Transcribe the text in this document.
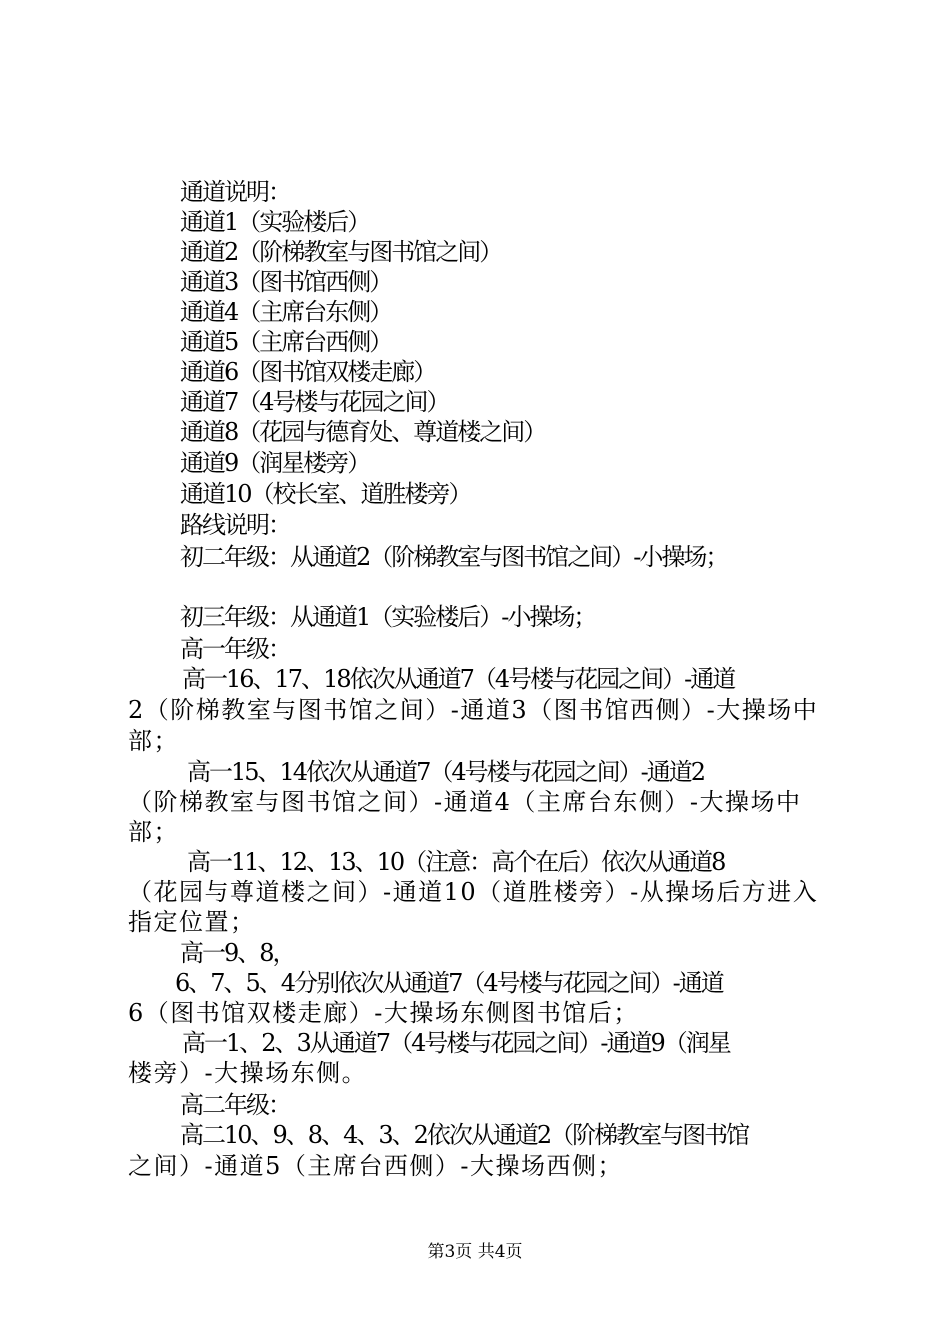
通道说明：
通道1（实验楼后）
通道2（阶梯教室与图书馆之间）
通道3（图书馆西侧）
通道4（主席台东侧）
通道5（主席台西侧）
通道6（图书馆双楼走廊）
通道7（4号楼与花园之间）
通道8（花园与德育处、尊道楼之间）
通道9（润星楼旁）
通道10（校长室、道胜楼旁）
路线说明：
初二年级：从通道2（阶梯教室与图书馆之间）-小操场；
初三年级：从通道1（实验楼后）-小操场；
高一年级：
高一16、17、18依次从通道7（4号楼与花园之间）-通道
2（阶梯教室与图书馆之间）-通道3（图书馆西侧）-大操场中
部；
高一15、14依次从通道7（4号楼与花园之间）-通道2
（阶梯教室与图书馆之间）-通道4（主席台东侧）-大操场中
部；
高一11、12、13、10（注意：高个在后）依次从通道8
（花园与尊道楼之间）-通道10（道胜楼旁）-从操场后方进入
指定位置；
高一9、8，
6、7、5、4分别依次从通道7（4号楼与花园之间）-通道
6（图书馆双楼走廊）-大操场东侧图书馆后；
高一1、2、3从通道7（4号楼与花园之间）-通道9（润星
楼旁）-大操场东侧。
高二年级：
高二10、9、8、4、3、2依次从通道2（阶梯教室与图书馆
之间）-通道5（主席台西侧）-大操场西侧；
第3页 共4页
